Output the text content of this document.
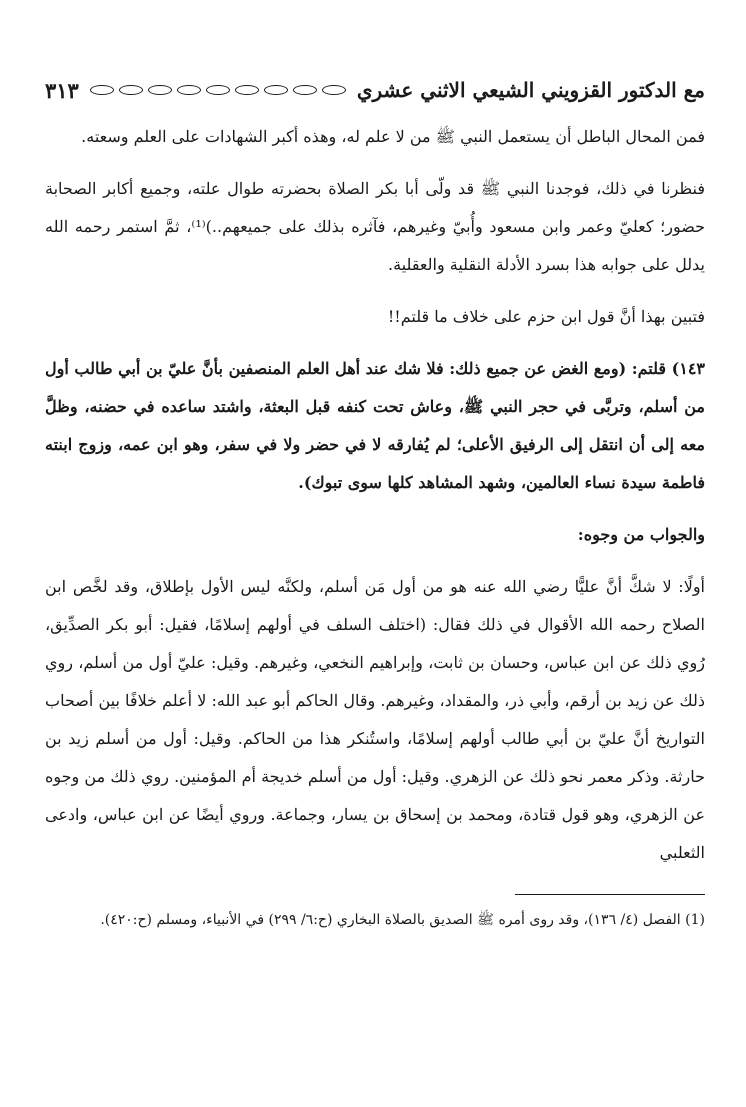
مع الدكتور القزويني الشيعي الاثني عشري
٣١٣

فمن المحال الباطل أن يستعمل النبي ﷺ من لا علم له، وهذه أكبر الشهادات على العلم وسعته.

فنظرنا في ذلك، فوجدنا النبي ﷺ قد ولّى أبا بكر الصلاة بحضرته طوال علته، وجميع أكابر الصحابة حضور؛ كعليّ وعمر وابن مسعود وأُبيّ وغيرهم، فآثره بذلك على جميعهم..)⁽¹⁾، ثمَّ استمر رحمه الله يدلل على جوابه هذا بسرد الأدلة النقلية والعقلية.

فتبين بهذا أنَّ قول ابن حزم على خلاف ما قلتم!!

١٤٣) قلتم: (ومع الغض عن جميع ذلك: فلا شك عند أهل العلم المنصفين بأنَّ عليّ بن أبي طالب أول من أسلم، وتربَّى في حجر النبي ﷺ، وعاش تحت كنفه قبل البعثة، واشتد ساعده في حضنه، وظلَّ معه إلى أن انتقل إلى الرفيق الأعلى؛ لم يُفارقه لا في حضر ولا في سفر، وهو ابن عمه، وزوج ابنته فاطمة سيدة نساء العالمين، وشهد المشاهد كلها سوى تبوك).

والجواب من وجوه:

أولًا: لا شكَّ أنَّ عليًّا رضي الله عنه هو من أول مَن أسلم، ولكنَّه ليس الأول بإطلاق، وقد لخَّص ابن الصلاح رحمه الله الأقوال في ذلك فقال: (اختلف السلف في أولهم إسلامًا، فقيل: أبو بكر الصدِّيق، رُوي ذلك عن ابن عباس، وحسان بن ثابت، وإبراهيم النخعي، وغيرهم. وقيل: عليّ أول من أسلم، روي ذلك عن زيد بن أرقم، وأبي ذر، والمقداد، وغيرهم. وقال الحاكم أبو عبد الله: لا أعلم خلافًا بين أصحاب التواريخ أنَّ عليّ بن أبي طالب أولهم إسلامًا، واستُنكر هذا من الحاكم. وقيل: أول من أسلم زيد بن حارثة. وذكر معمر نحو ذلك عن الزهري. وقيل: أول من أسلم خديجة أم المؤمنين. روي ذلك من وجوه عن الزهري، وهو قول قتادة، ومحمد بن إسحاق بن يسار، وجماعة. وروي أيضًا عن ابن عباس، وادعى الثعلبي

(1) الفصل (٤/ ١٣٦)، وقد روى أمره ﷺ الصديق بالصلاة البخاري (ح:٦/ ٢٩٩) في الأنبياء، ومسلم (ح:٤٢٠).
